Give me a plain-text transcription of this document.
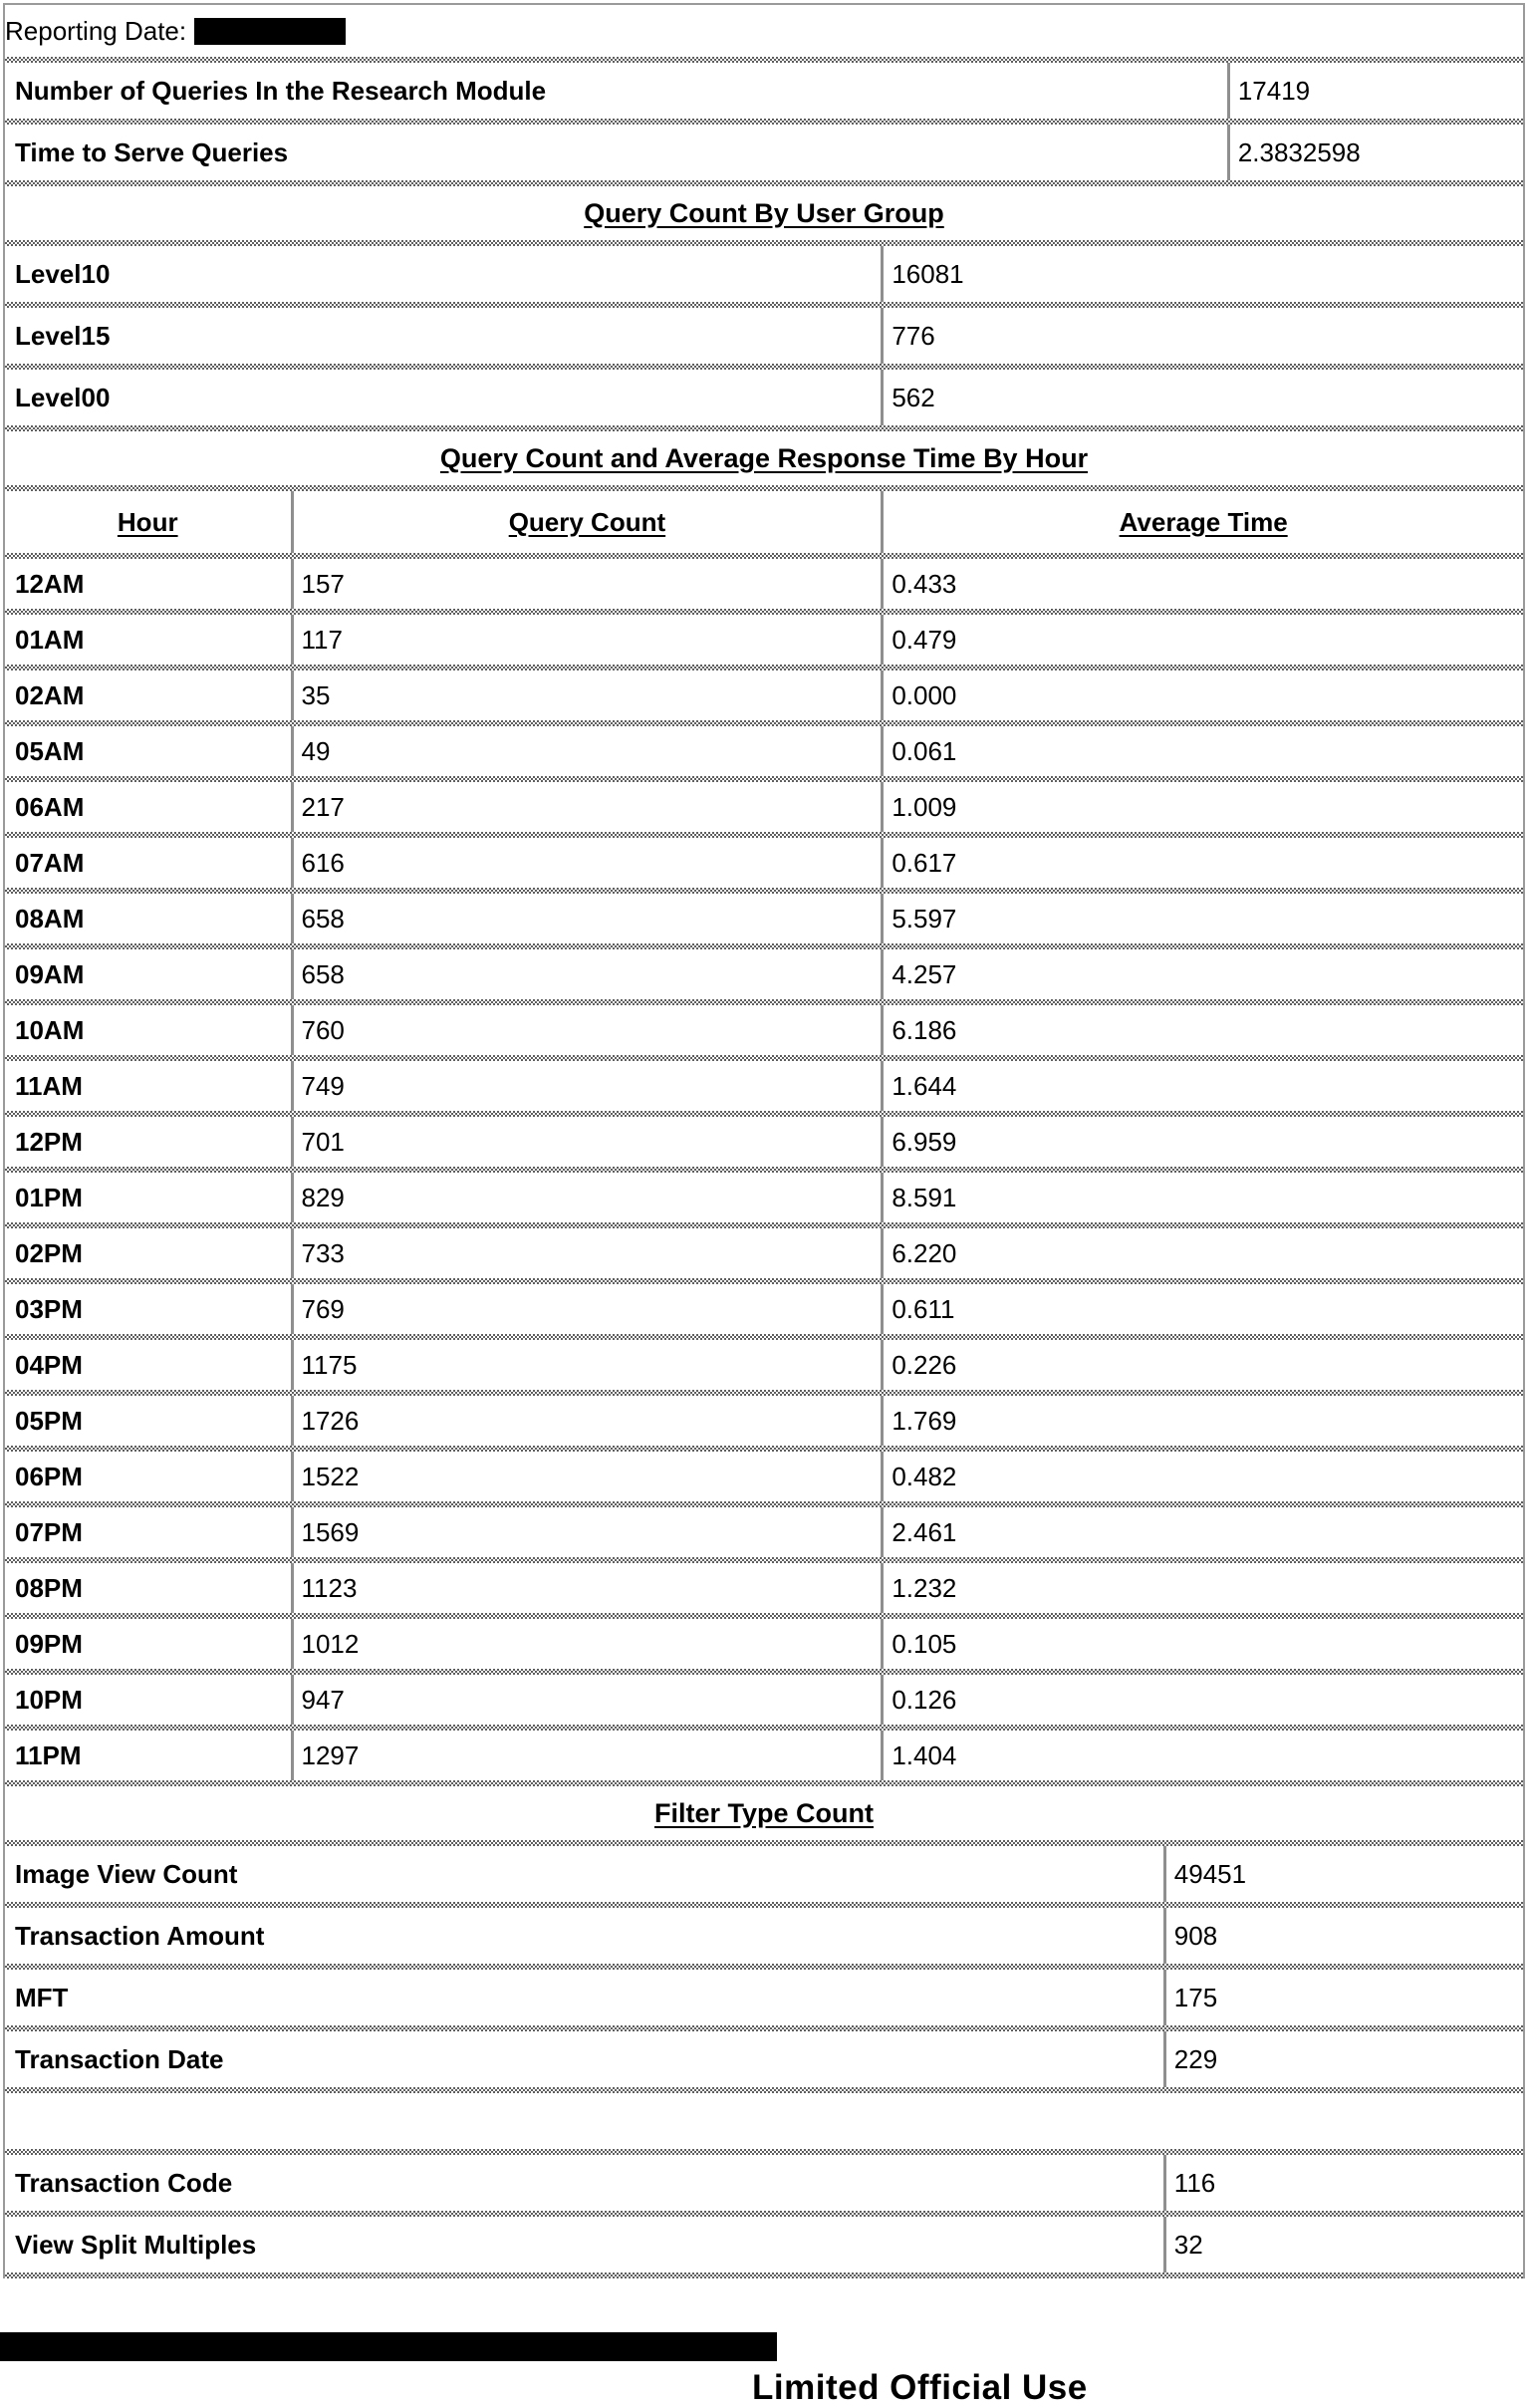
Reporting Date:
Number of Queries In the Research Module	17419
Time to Serve Queries	2.3832598
Query Count By User Group
Level10	16081
Level15	776
Level00	562
Query Count and Average Response Time By Hour
Hour	Query Count	Average Time
12AM	157	0.433
01AM	117	0.479
02AM	35	0.000
05AM	49	0.061
06AM	217	1.009
07AM	616	0.617
08AM	658	5.597
09AM	658	4.257
10AM	760	6.186
11AM	749	1.644
12PM	701	6.959
01PM	829	8.591
02PM	733	6.220
03PM	769	0.611
04PM	1175	0.226
05PM	1726	1.769
06PM	1522	0.482
07PM	1569	2.461
08PM	1123	1.232
09PM	1012	0.105
10PM	947	0.126
11PM	1297	1.404
Filter Type Count
Image View Count	49451
Transaction Amount	908
MFT	175
Transaction Date	229
Transaction Code	116
View Split Multiples	32
Limited Official Use
